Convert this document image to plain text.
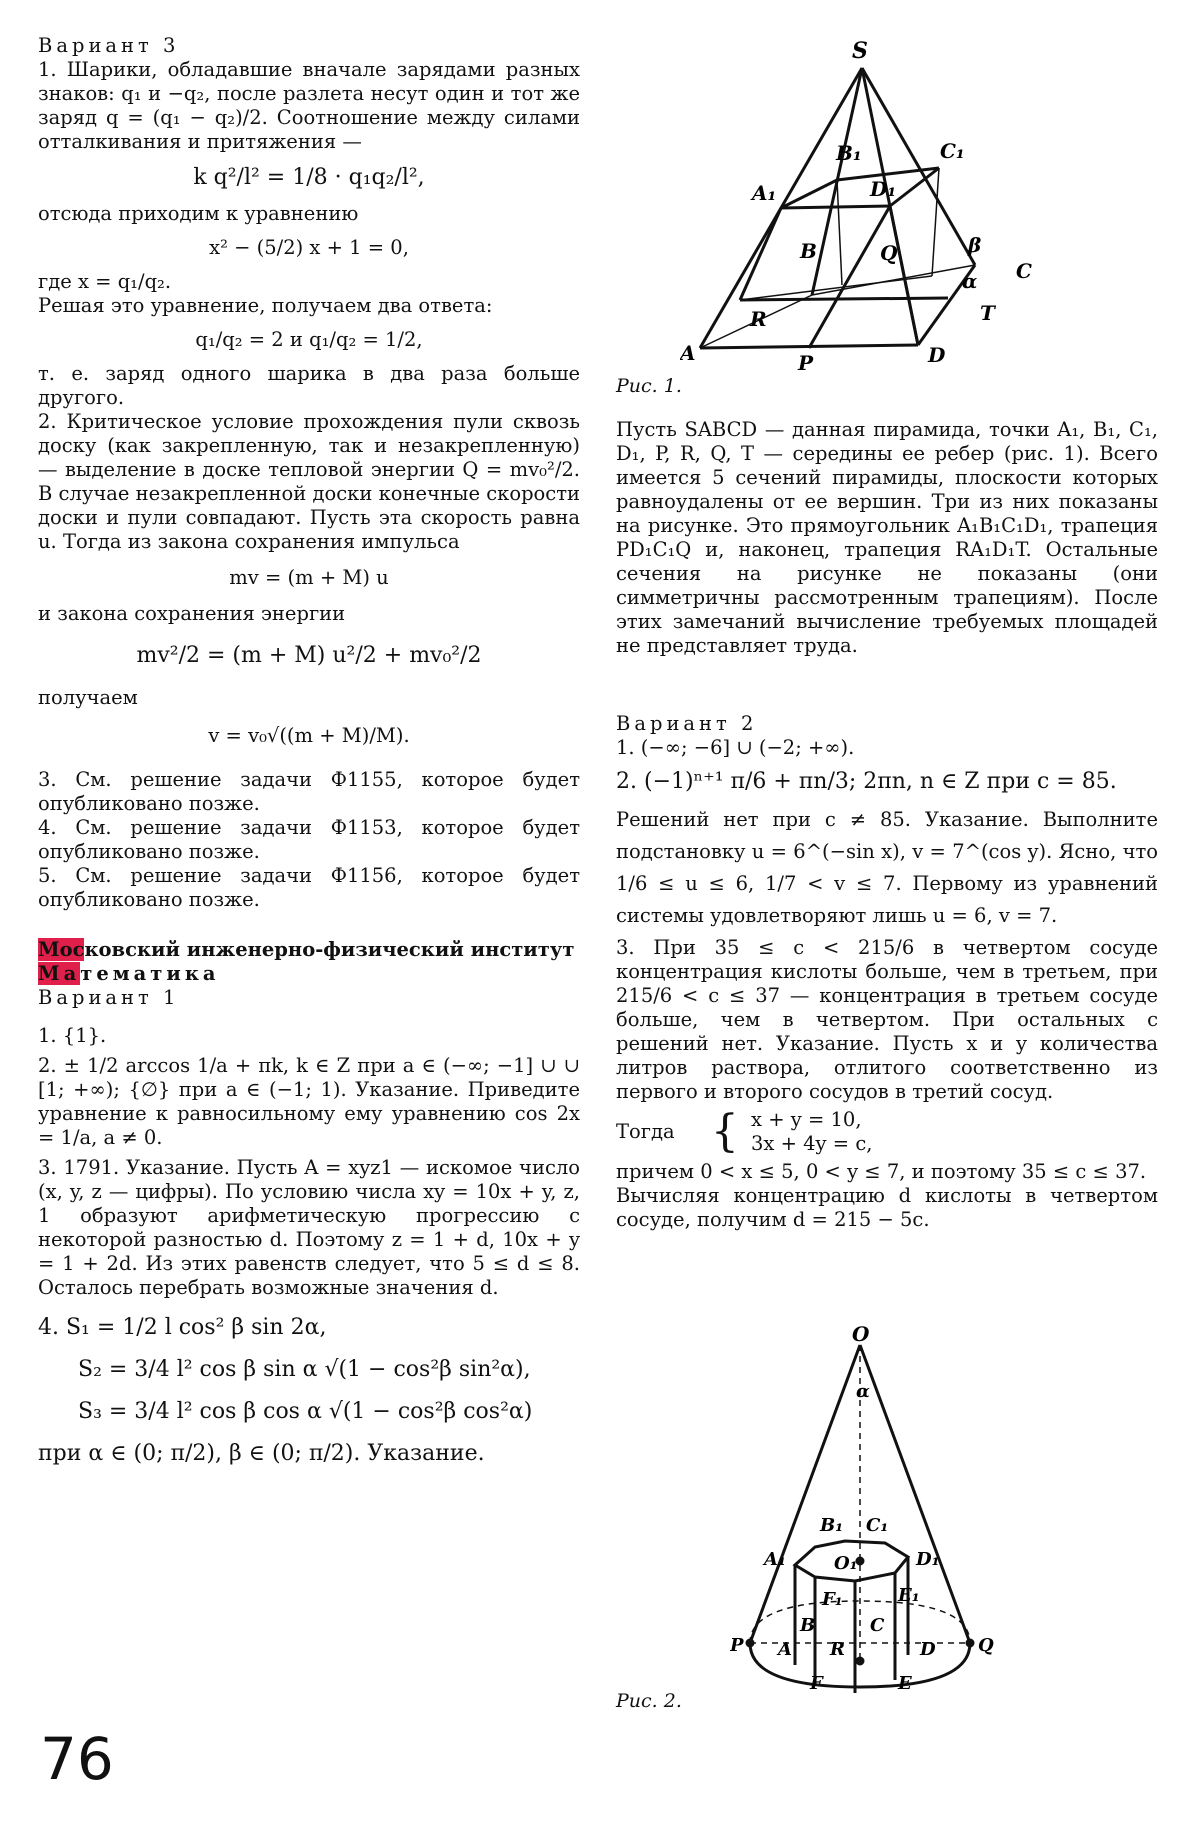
Вариант 3

1. Шарики, обладавшие вначале зарядами разных знаков: q₁ и −q₂, после разлета несут один и тот же заряд q = (q₁ − q₂)/2. Соотношение между силами отталкивания и притяжения —

k q²/l² = 1/8 · q₁q₂/l²,

отсюда приходим к уравнению

x² − (5/2) x + 1 = 0,

где x = q₁/q₂.

Решая это уравнение, получаем два ответа:

q₁/q₂ = 2 и q₁/q₂ = 1/2,

т. е. заряд одного шарика в два раза больше другого.

2. Критическое условие прохождения пули сквозь доску (как закрепленную, так и незакрепленную) — выделение в доске тепловой энергии Q = mv₀²/2. В случае незакрепленной доски конечные скорости доски и пули совпадают. Пусть эта скорость равна u. Тогда из закона сохранения импульса

mv = (m + M) u

и закона сохранения энергии

mv²/2 = (m + M) u²/2 + mv₀²/2

получаем

v = v₀√((m + M)/M).

3. См. решение задачи Ф1155, которое будет опубликовано позже.

4. См. решение задачи Ф1153, которое будет опубликовано позже.

5. См. решение задачи Ф1156, которое будет опубликовано позже.

Московский инженерно-физический институт

Математика

Вариант 1

1. {1}.

2. ± 1/2 arccos 1/a + πk, k ∈ Z при a ∈ (−∞; −1] ∪ ∪ [1; +∞); {∅} при a ∈ (−1; 1). Указание. Приведите уравнение к равносильному ему уравнению cos 2x = 1/a, a ≠ 0.

3. 1791. Указание. Пусть A = xyz1 — искомое число (x, y, z — цифры). По условию числа xy = 10x + y, z, 1 образуют арифметическую прогрессию с некоторой разностью d. Поэтому z = 1 + d, 10x + y = 1 + 2d. Из этих равенств следует, что 5 ≤ d ≤ 8. Осталось перебрать возможные значения d.

4. S₁ = 1/2 l cos² β sin 2α,

S₂ = 3/4 l² cos β sin α √(1 − cos²β sin²α),

S₃ = 3/4 l² cos β cos α √(1 − cos²β cos²α)

при α ∈ (0; π/2), β ∈ (0; π/2). Указание.

76
S
A₁
B₁	C₁
D₁
B	Q	β
α C
R	T
A	P	D
Рис. 1.

Пусть SABCD — данная пирамида, точки A₁, B₁, C₁, D₁, P, R, Q, T — середины ее ребер (рис. 1). Всего имеется 5 сечений пирамиды, плоскости которых равноудалены от ее вершин. Три из них показаны на рисунке. Это прямоугольник A₁B₁C₁D₁, трапеция PD₁C₁Q и, наконец, трапеция RA₁D₁T. Остальные сечения на рисунке не показаны (они симметричны рассмотренным трапециям). После этих замечаний вычисление требуемых площадей не представляет труда.

Вариант 2

1. (−∞; −6] ∪ (−2; +∞).

2. (−1)ⁿ⁺¹ π/6 + πn/3; 2πn, n ∈ Z при c = 85.

Решений нет при c ≠ 85. Указание. Выполните подстановку u = 6^(−sin x), v = 7^(cos y). Ясно, что 1/6 ≤ u ≤ 6, 1/7 < v ≤ 7. Первому из уравнений системы удовлетворяют лишь u = 6, v = 7.

3. При 35 ≤ c < 215/6 в четвертом сосуде концентрация кислоты больше, чем в третьем, при 215/6 < c ≤ 37 — концентрация в третьем сосуде больше, чем в четвертом. При остальных c решений нет. Указание. Пусть x и y количества литров раствора, отлитого соответственно из первого и второго сосудов в третий сосуд.

Тогда { x + y = 10,
3x + 4y = c,

причем 0 < x ≤ 5, 0 < y ≤ 7, и поэтому 35 ≤ c ≤ 37.

Вычисляя концентрацию d кислоты в четвертом сосуде, получим d = 215 − 5c.

O
α
B₁ C₁
A₁	O₁	D₁
F₁	E₁
B	C
A R	D
P	Q
F	E
Рис. 2.
